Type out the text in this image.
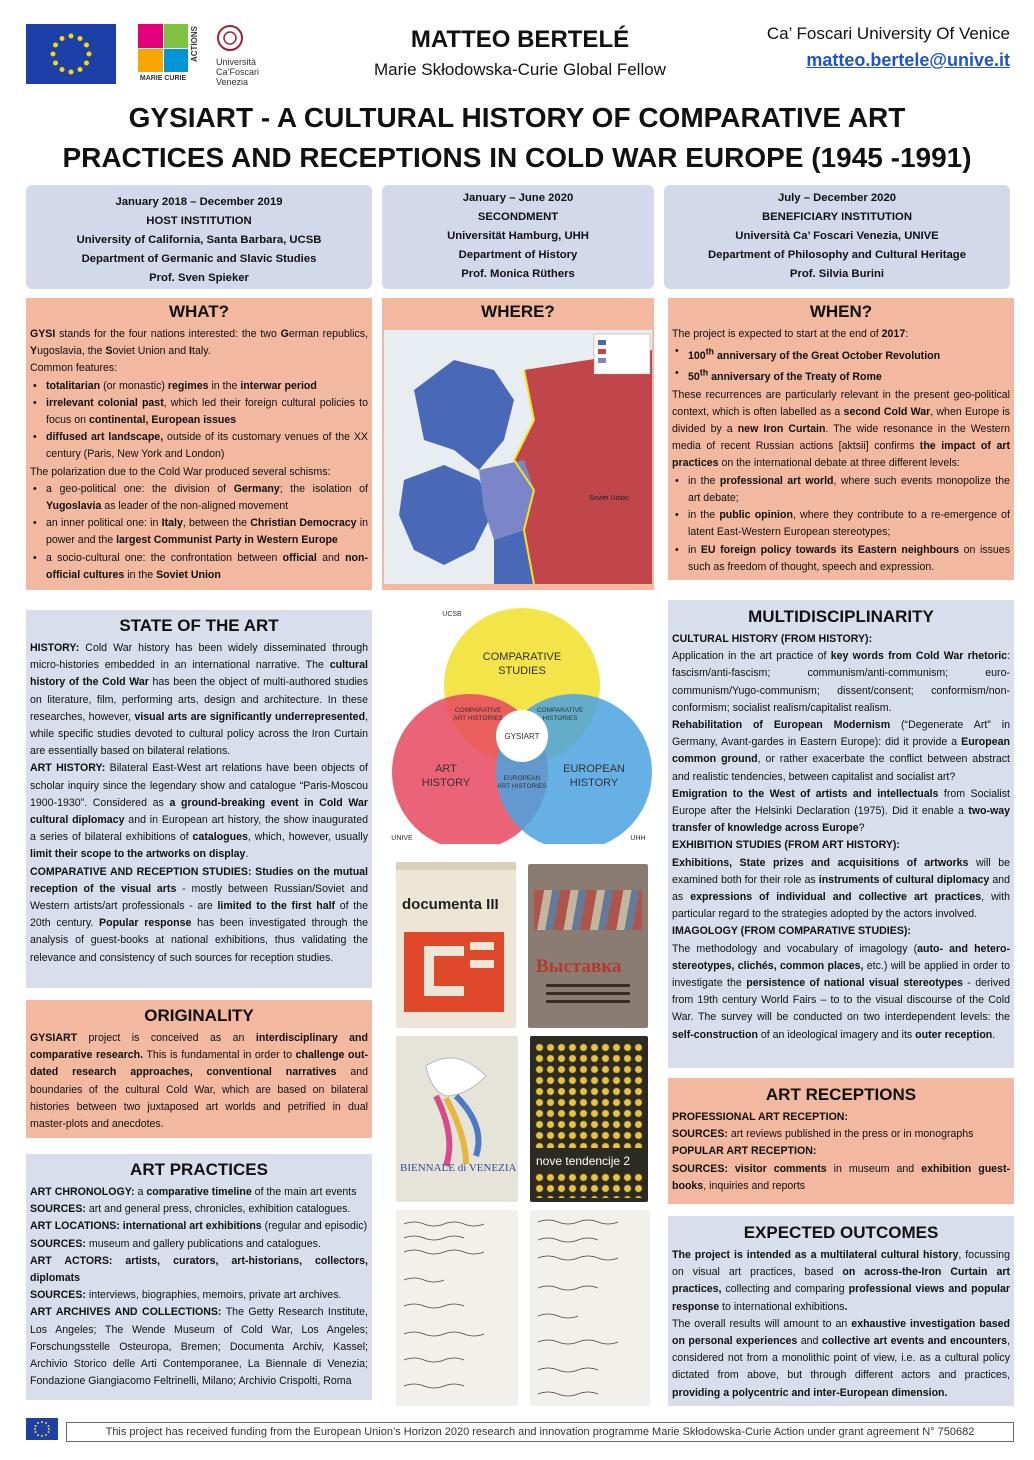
MARIE CURIE
ACTIONS Università
Ca’Foscari
Venezia
MATTEO BERTELÉ
Marie Skłodowska-Curie Global Fellow
Ca’ Foscari University Of Venice
matteo.bertele@unive.it
GYSIART - A CULTURAL HISTORY OF COMPARATIVE ART
PRACTICES AND RECEPTIONS IN COLD WAR EUROPE (1945 -1991)
January 2018 – December 2019
HOST INSTITUTION
University of California, Santa Barbara, UCSB
Department of Germanic and Slavic Studies
Prof. Sven Spieker
January – June 2020
SECONDMENT
Universität Hamburg, UHH
Department of History
Prof. Monica Rüthers
July – December 2020
BENEFICIARY INSTITUTION
Università Ca’ Foscari Venezia, UNIVE
Department of Philosophy and Cultural Heritage
Prof. Silvia Burini
WHAT?

GYSI stands for the four nations interested: the two German republics, Yugoslavia, the Soviet Union and Italy.

Common features:

• totalitarian (or monastic) regimes in the interwar period
• irrelevant colonial past, which led their foreign cultural policies to focus on continental, European issues
• diffused art landscape, outside of its customary venues of the XX century (Paris, New York and London)

The polarization due to the Cold War produced several schisms:

• a geo-political one: the division of Germany; the isolation of Yugoslavia as leader of the non-aligned movement
• an inner political one: in Italy, between the Christian Democracy in power and the largest Communist Party in Western Europe
• a socio-cultural one: the confrontation between official and non-official cultures in the Soviet Union
WHERE?
Soviet Union
WHEN?

The project is expected to start at the end of 2017:

• 100th anniversary of the Great October Revolution
• 50th anniversary of the Treaty of Rome

These recurrences are particularly relevant in the present geo-political context, which is often labelled as a second Cold War, when Europe is divided by a new Iron Curtain. The wide resonance in the Western media of recent Russian actions [aktsii] confirms the impact of art practices on the international debate at three different levels:

• in the professional art world, where such events monopolize the art debate;
• in the public opinion, where they contribute to a re-emergence of latent East-Western European stereotypes;
• in EU foreign policy towards its Eastern neighbours on issues such as freedom of thought, speech and expression.
STATE OF THE ART

HISTORY: Cold War history has been widely disseminated through micro-histories embedded in an international narrative. The cultural history of the Cold War has been the object of multi-authored studies on literature, film, performing arts, design and architecture. In these researches, however, visual arts are significantly underrepresented, while specific studies devoted to cultural policy across the Iron Curtain are essentially based on bilateral relations.

ART HISTORY: Bilateral East-West art relations have been objects of scholar inquiry since the legendary show and catalogue “Paris-Moscou 1900-1930”. Considered as a ground-breaking event in Cold War cultural diplomacy and in European art history, the show inaugurated a series of bilateral exhibitions of catalogues, which, however, usually limit their scope to the artworks on display.

COMPARATIVE AND RECEPTION STUDIES: Studies on the mutual reception of the visual arts - mostly between Russian/Soviet and Western artists/art professionals - are limited to the first half of the 20th century. Popular response has been investigated through the analysis of guest-books at national exhibitions, thus validating the relevance and consistency of such sources for reception studies.

ORIGINALITY

GYSIART project is conceived as an interdisciplinary and comparative research. This is fundamental in order to challenge out-dated research approaches, conventional narratives and boundaries of the cultural Cold War, which are based on bilateral histories between two juxtaposed art worlds and petrified in dual master-plots and anecdotes.

ART PRACTICES

ART CHRONOLOGY: a comparative timeline of the main art events

SOURCES: art and general press, chronicles, exhibition catalogues.

ART LOCATIONS: international art exhibitions (regular and episodic)

SOURCES: museum and gallery publications and catalogues.

ART ACTORS: artists, curators, art-historians, collectors, diplomats

SOURCES: interviews, biographies, memoirs, private art archives.

ART ARCHIVES AND COLLECTIONS: The Getty Research Institute, Los Angeles; The Wende Museum of Cold War, Los Angeles; Forschungsstelle Osteuropa, Bremen; Documenta Archiv, Kassel; Archivio Storico delle Arti Contemporanee, La Biennale di Venezia; Fondazione Giangiacomo Feltrinelli, Milano; Archivio Crispolti, Roma

COMPARATIVE
STUDIES
ART
HISTORY
EUROPEAN
HISTORY
COMPARATIVE
ART HISTORIES
COMPARATIVE
HISTORIES
EUROPEAN
ART HISTORIES
GYSIART
UCSB
UNIVE	UHH
documenta III
Выставка
BIENNALE di VENEZIA nove tendencije 2
MULTIDISCIPLINARITY

CULTURAL HISTORY (FROM HISTORY):

Application in the art practice of key words from Cold War rhetoric: fascism/anti-fascism; communism/anti-communism; euro-communism/Yugo-communism; dissent/consent; conformism/non-conformism; socialist realism/capitalist realism.

Rehabilitation of European Modernism (“Degenerate Art” in Germany, Avant-gardes in Eastern Europe): did it provide a European common ground, or rather exacerbate the conflict between abstract and realistic tendencies, between capitalist and socialist art?

Emigration to the West of artists and intellectuals from Socialist Europe after the Helsinki Declaration (1975). Did it enable a two-way transfer of knowledge across Europe?

EXHIBITION STUDIES (FROM ART HISTORY):

Exhibitions, State prizes and acquisitions of artworks will be examined both for their role as instruments of cultural diplomacy and as expressions of individual and collective art practices, with particular regard to the strategies adopted by the actors involved.

IMAGOLOGY (FROM COMPARATIVE STUDIES):

The methodology and vocabulary of imagology (auto- and hetero-stereotypes, clichés, common places, etc.) will be applied in order to investigate the persistence of national visual stereotypes - derived from 19th century World Fairs – to to the visual discourse of the Cold War. The survey will be conducted on two interdependent levels: the self-construction of an ideological imagery and its outer reception.

ART RECEPTIONS

PROFESSIONAL ART RECEPTION:

SOURCES: art reviews published in the press or in monographs

POPULAR ART RECEPTION:

SOURCES: visitor comments in museum and exhibition guest-books, inquiries and reports

EXPECTED OUTCOMES

The project is intended as a multilateral cultural history, focussing on visual art practices, based on across-the-Iron Curtain art practices, collecting and comparing professional views and popular response to international exhibitions.

The overall results will amount to an exhaustive investigation based on personal experiences and collective art events and encounters, considered not from a monolithic point of view, i.e. as a cultural policy dictated from above, but through different actors and practices, providing a polycentric and inter-European dimension.

This project has received funding from the European Union’s Horizon 2020 research and innovation programme Marie Skłodowska-Curie Action under grant agreement N° 750682
